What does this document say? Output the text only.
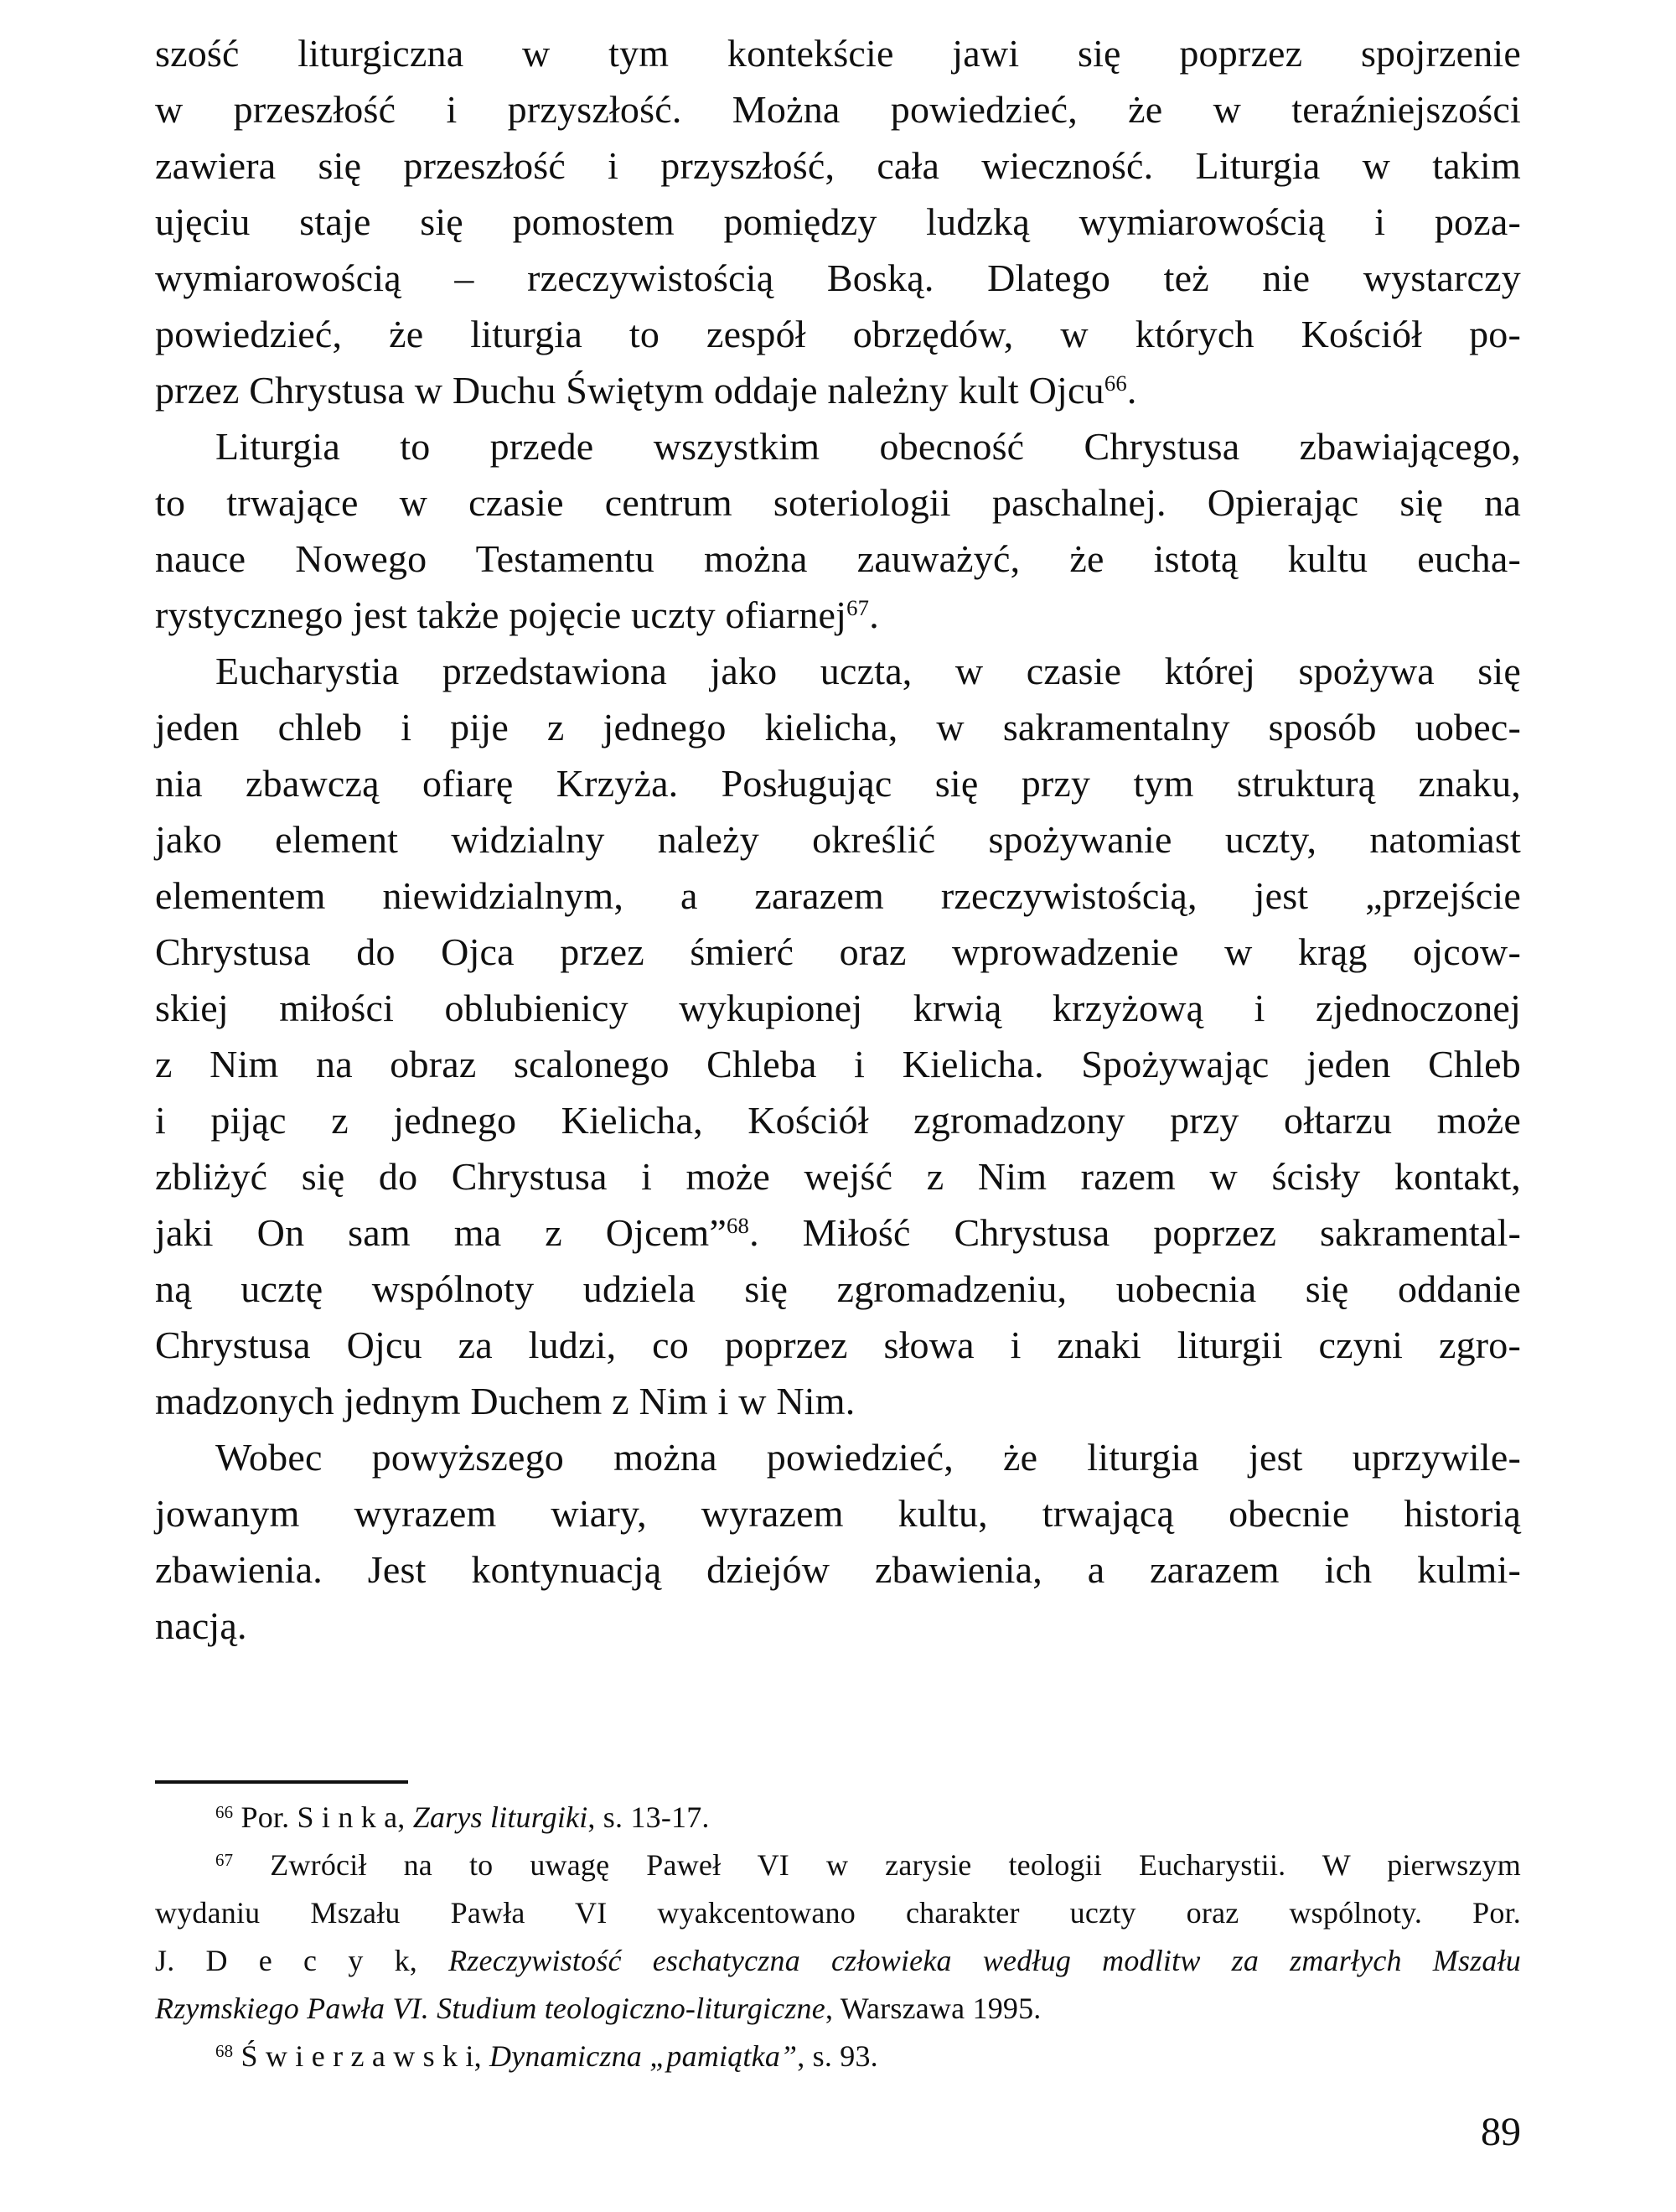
szość liturgiczna w tym kontekście jawi się poprzez spojrzenie
w przeszłość i przyszłość. Można powiedzieć, że w teraźniejszości
zawiera się przeszłość i przyszłość, cała wieczność. Liturgia w takim
ujęciu staje się pomostem pomiędzy ludzką wymiarowością i poza-
wymiarowością – rzeczywistością Boską. Dlatego też nie wystarczy
powiedzieć, że liturgia to zespół obrzędów, w których Kościół po-
przez Chrystusa w Duchu Świętym oddaje należny kult Ojcu$^{66}$.
Liturgia to przede wszystkim obecność Chrystusa zbawiającego,
to trwające w czasie centrum soteriologii paschalnej. Opierając się na
nauce Nowego Testamentu można zauważyć, że istotą kultu eucha-
rystycznego jest także pojęcie uczty ofiarnej$^{67}$.
Eucharystia przedstawiona jako uczta, w czasie której spożywa się
jeden chleb i pije z jednego kielicha, w sakramentalny sposób uobec-
nia zbawczą ofiarę Krzyża. Posługując się przy tym strukturą znaku,
jako element widzialny należy określić spożywanie uczty, natomiast
elementem niewidzialnym, a zarazem rzeczywistością, jest „przejście
Chrystusa do Ojca przez śmierć oraz wprowadzenie w krąg ojcow-
skiej miłości oblubienicy wykupionej krwią krzyżową i zjednoczonej
z Nim na obraz scalonego Chleba i Kielicha. Spożywając jeden Chleb
i pijąc z jednego Kielicha, Kościół zgromadzony przy ołtarzu może
zbliżyć się do Chrystusa i może wejść z Nim razem w ścisły kontakt,
jaki On sam ma z Ojcem”$^{68}$. Miłość Chrystusa poprzez sakramental-
ną ucztę wspólnoty udziela się zgromadzeniu, uobecnia się oddanie
Chrystusa Ojcu za ludzi, co poprzez słowa i znaki liturgii czyni zgro-
madzonych jednym Duchem z Nim i w Nim.
Wobec powyższego można powiedzieć, że liturgia jest uprzywile-
jowanym wyrazem wiary, wyrazem kultu, trwającą obecnie historią
zbawienia. Jest kontynuacją dziejów zbawienia, a zarazem ich kulmi-
nacją.
$^{66}$ Por. S i n k a, Zarys liturgiki, s. 13-17.
$^{67}$ Zwrócił na to uwagę Paweł VI w zarysie teologii Eucharystii. W pierwszym
wydaniu Mszału Pawła VI wyakcentowano charakter uczty oraz wspólnoty. Por.
J. D e c y k, Rzeczywistość eschatyczna człowieka według modlitw za zmarłych Mszału
Rzymskiego Pawła VI. Studium teologiczno-liturgiczne, Warszawa 1995.
$^{68}$ Ś w i e r z a w s k i, Dynamiczna „pamiątka”, s. 93.
89
